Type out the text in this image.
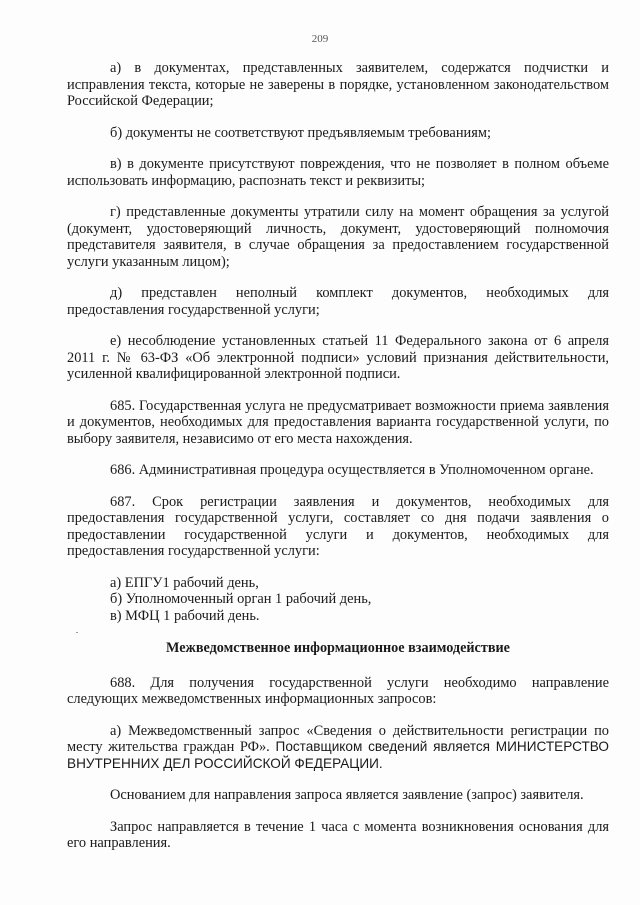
209

а) в документах, представленных заявителем, содержатся подчистки и исправления текста, которые не заверены в порядке, установленном законодательством Российской Федерации;

б) документы не соответствуют предъявляемым требованиям;

в) в документе присутствуют повреждения, что не позволяет в полном объеме использовать информацию, распознать текст и реквизиты;

г) представленные документы утратили силу на момент обращения за услугой (документ, удостоверяющий личность, документ, удостоверяющий полномочия представителя заявителя, в случае обращения за предоставлением государственной услуги указанным лицом);

д) представлен неполный комплект документов, необходимых для предоставления государственной услуги;

е) несоблюдение установленных статьей 11 Федерального закона от 6 апреля 2011 г. № 63-ФЗ «Об электронной подписи» условий признания действительности, усиленной квалифицированной электронной подписи.

685. Государственная услуга не предусматривает возможности приема заявления и документов, необходимых для предоставления варианта государственной услуги, по выбору заявителя, независимо от его места нахождения.

686. Административная процедура осуществляется в Уполномоченном органе.

687. Срок регистрации заявления и документов, необходимых для предоставления государственной услуги, составляет со дня подачи заявления о предоставлении государственной услуги и документов, необходимых для предоставления государственной услуги:

а) ЕПГУ1 рабочий день,

б) Уполномоченный орган 1 рабочий день,

в) МФЦ 1 рабочий день.

Межведомственное информационное взаимодействие

688. Для получения государственной услуги необходимо направление следующих межведомственных информационных запросов:

а) Межведомственный запрос «Сведения о действительности регистрации по месту жительства граждан РФ». Поставщиком сведений является МИНИСТЕРСТВО ВНУТРЕННИХ ДЕЛ РОССИЙСКОЙ ФЕДЕРАЦИИ.

Основанием для направления запроса является заявление (запрос) заявителя.

Запрос направляется в течение 1 часа с момента возникновения основания для его направления.
